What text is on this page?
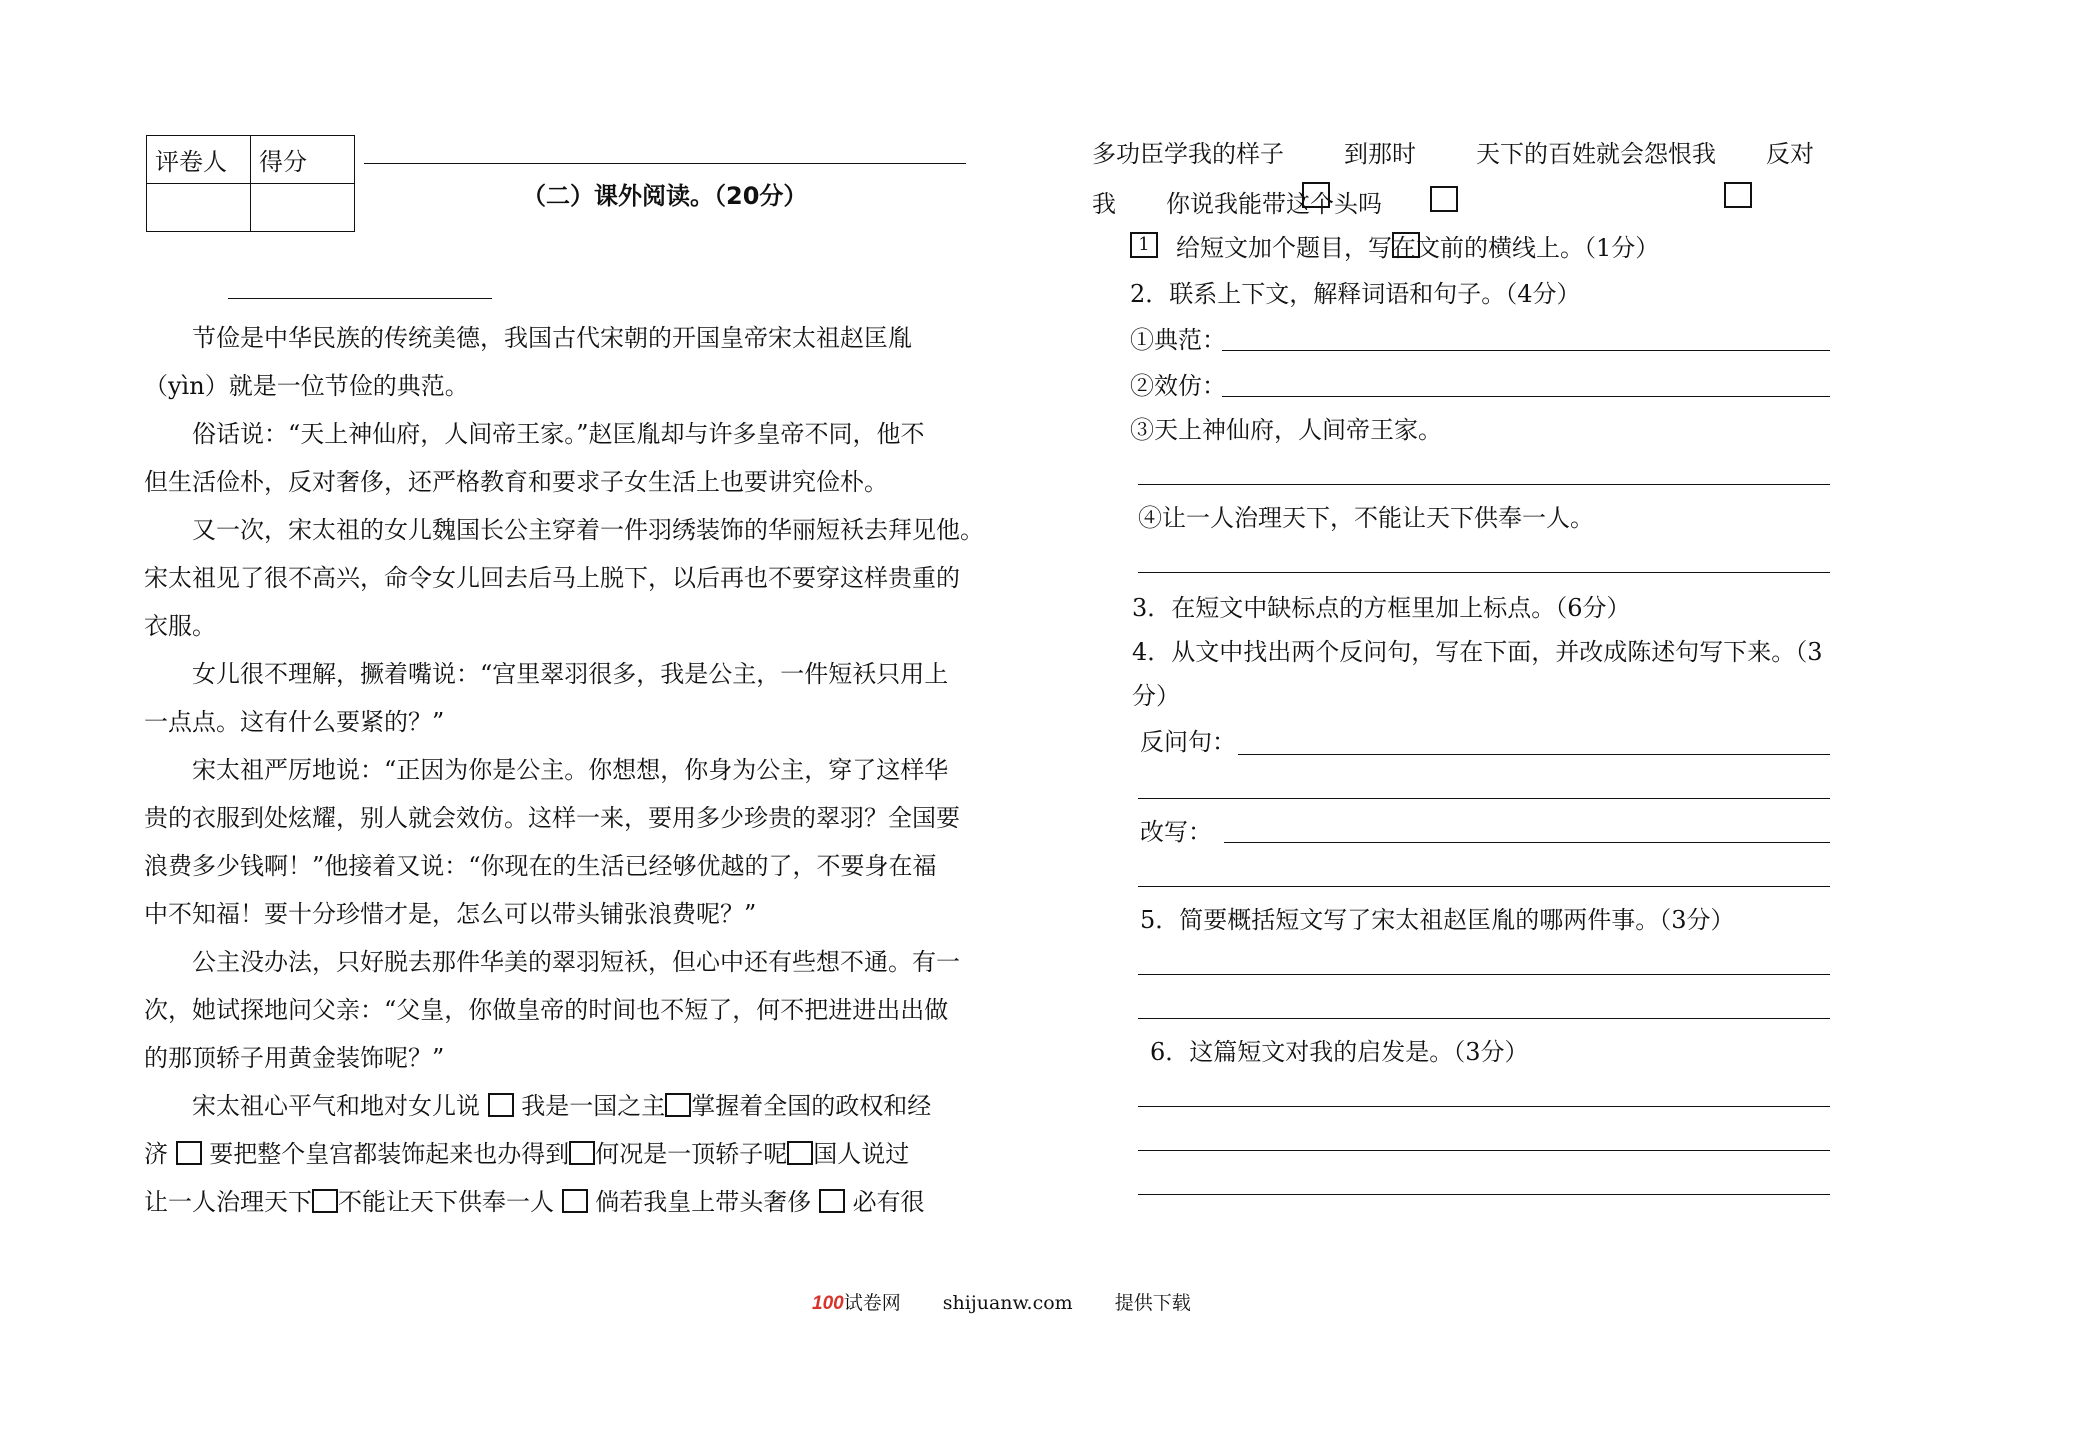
评卷人	得分

（二）课外阅读。（20分）
节俭是中华民族的传统美德，我国古代宋朝的开国皇帝宋太祖赵匡胤
（yìn）就是一位节俭的典范。
俗话说：“天上神仙府，人间帝王家。”赵匡胤却与许多皇帝不同，他不
但生活俭朴，反对奢侈，还严格教育和要求子女生活上也要讲究俭朴。
又一次，宋太祖的女儿魏国长公主穿着一件羽绣装饰的华丽短袄去拜见他。
宋太祖见了很不高兴，命令女儿回去后马上脱下，以后再也不要穿这样贵重的
衣服。
女儿很不理解，撅着嘴说：“宫里翠羽很多，我是公主，一件短袄只用上
一点点。这有什么要紧的？”
宋太祖严厉地说：“正因为你是公主。你想想，你身为公主，穿了这样华
贵的衣服到处炫耀，别人就会效仿。这样一来，要用多少珍贵的翠羽？全国要
浪费多少钱啊！”他接着又说：“你现在的生活已经够优越的了，不要身在福
中不知福！要十分珍惜才是，怎么可以带头铺张浪费呢？”
公主没办法，只好脱去那件华美的翠羽短袄，但心中还有些想不通。有一
次，她试探地问父亲：“父皇，你做皇帝的时间也不短了，何不把进进出出做
的那顶轿子用黄金装饰呢？”
宋太祖心平气和地对女儿说 我是一国之主 掌握着全国的政权和经
济 要把整个皇宫都装饰起来也办得到 何况是一顶轿子呢 国人说过
让一人治理天下 不能让天下供奉一人 倘若我皇上带头奢侈 必有很
多功臣学我的样子	到那时	天下的百姓就会怨恨我 反对
我 你说我能带这个头吗
1	给短文加个题目，写在文前的横线上。（1分）
2．联系上下文，解释词语和句子。（4分）
①典范：
②效仿：
③天上神仙府，人间帝王家。
④让一人治理天下，不能让天下供奉一人。
3．在短文中缺标点的方框里加上标点。（6分）
4．从文中找出两个反问句，写在下面，并改成陈述句写下来。（3
分）
反问句：
改写：
5．简要概括短文写了宋太祖赵匡胤的哪两件事。（3分）
6．这篇短文对我的启发是。（3分）
100试卷网 shijuanw.com 提供下载
